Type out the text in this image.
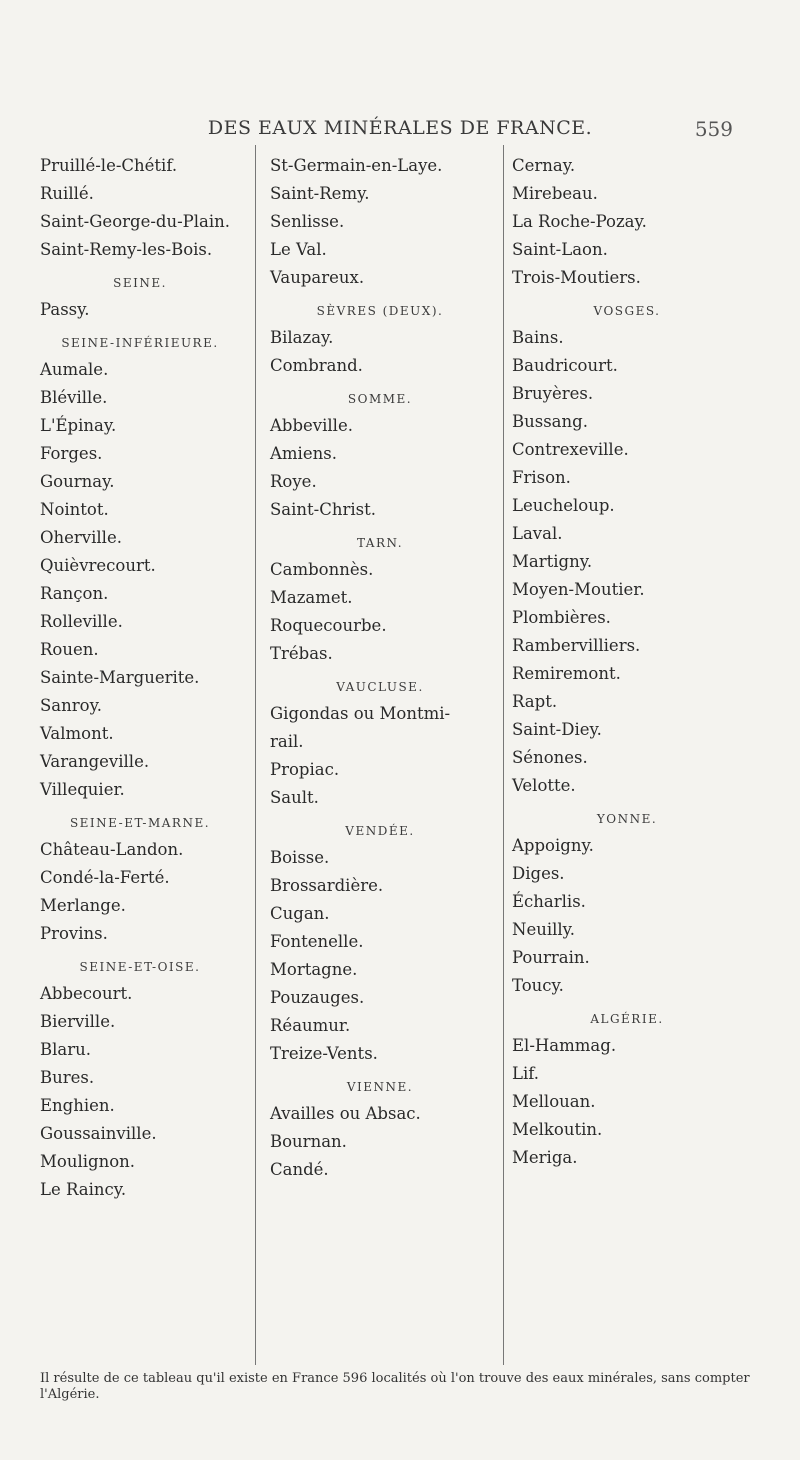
DES EAUX MINÉRALES DE FRANCE.	559
Pruillé-le-Chétif.
Ruillé.
Saint-George-du-Plain.
Saint-Remy-les-Bois.
SEINE.
Passy.
SEINE-INFÉRIEURE.
Aumale.
Bléville.
L'Épinay.
Forges.
Gournay.
Nointot.
Oherville.
Quièvrecourt.
Rançon.
Rolleville.
Rouen.
Sainte-Marguerite.
Sanroy.
Valmont.
Varangeville.
Villequier.
SEINE-ET-MARNE.
Château-Landon.
Condé-la-Ferté.
Merlange.
Provins.
SEINE-ET-OISE.
Abbecourt.
Bierville.
Blaru.
Bures.
Enghien.
Goussainville.
Moulignon.
Le Raincy.
St-Germain-en-Laye.
Saint-Remy.
Senlisse.
Le Val.
Vaupareux.
SÈVRES (DEUX).
Bilazay.
Combrand.
SOMME.
Abbeville.
Amiens.
Roye.
Saint-Christ.
TARN.
Cambonnès.
Mazamet.
Roquecourbe.
Trébas.
VAUCLUSE.
Gigondas ou Montmi-
rail.
Propiac.
Sault.
VENDÉE.
Boisse.
Brossardière.
Cugan.
Fontenelle.
Mortagne.
Pouzauges.
Réaumur.
Treize-Vents.
VIENNE.
Availles ou Absac.
Bournan.
Candé.
Cernay.
Mirebeau.
La Roche-Pozay.
Saint-Laon.
Trois-Moutiers.
VOSGES.
Bains.
Baudricourt.
Bruyères.
Bussang.
Contrexeville.
Frison.
Leucheloup.
Laval.
Martigny.
Moyen-Moutier.
Plombières.
Rambervilliers.
Remiremont.
Rapt.
Saint-Diey.
Sénones.
Velotte.
YONNE.
Appoigny.
Diges.
Écharlis.
Neuilly.
Pourrain.
Toucy.
ALGÉRIE.
El-Hammag.
Lif.
Mellouan.
Melkoutin.
Meriga.
Il résulte de ce tableau qu'il existe en France 596 localités où l'on trouve des eaux minérales, sans compter l'Algérie.
